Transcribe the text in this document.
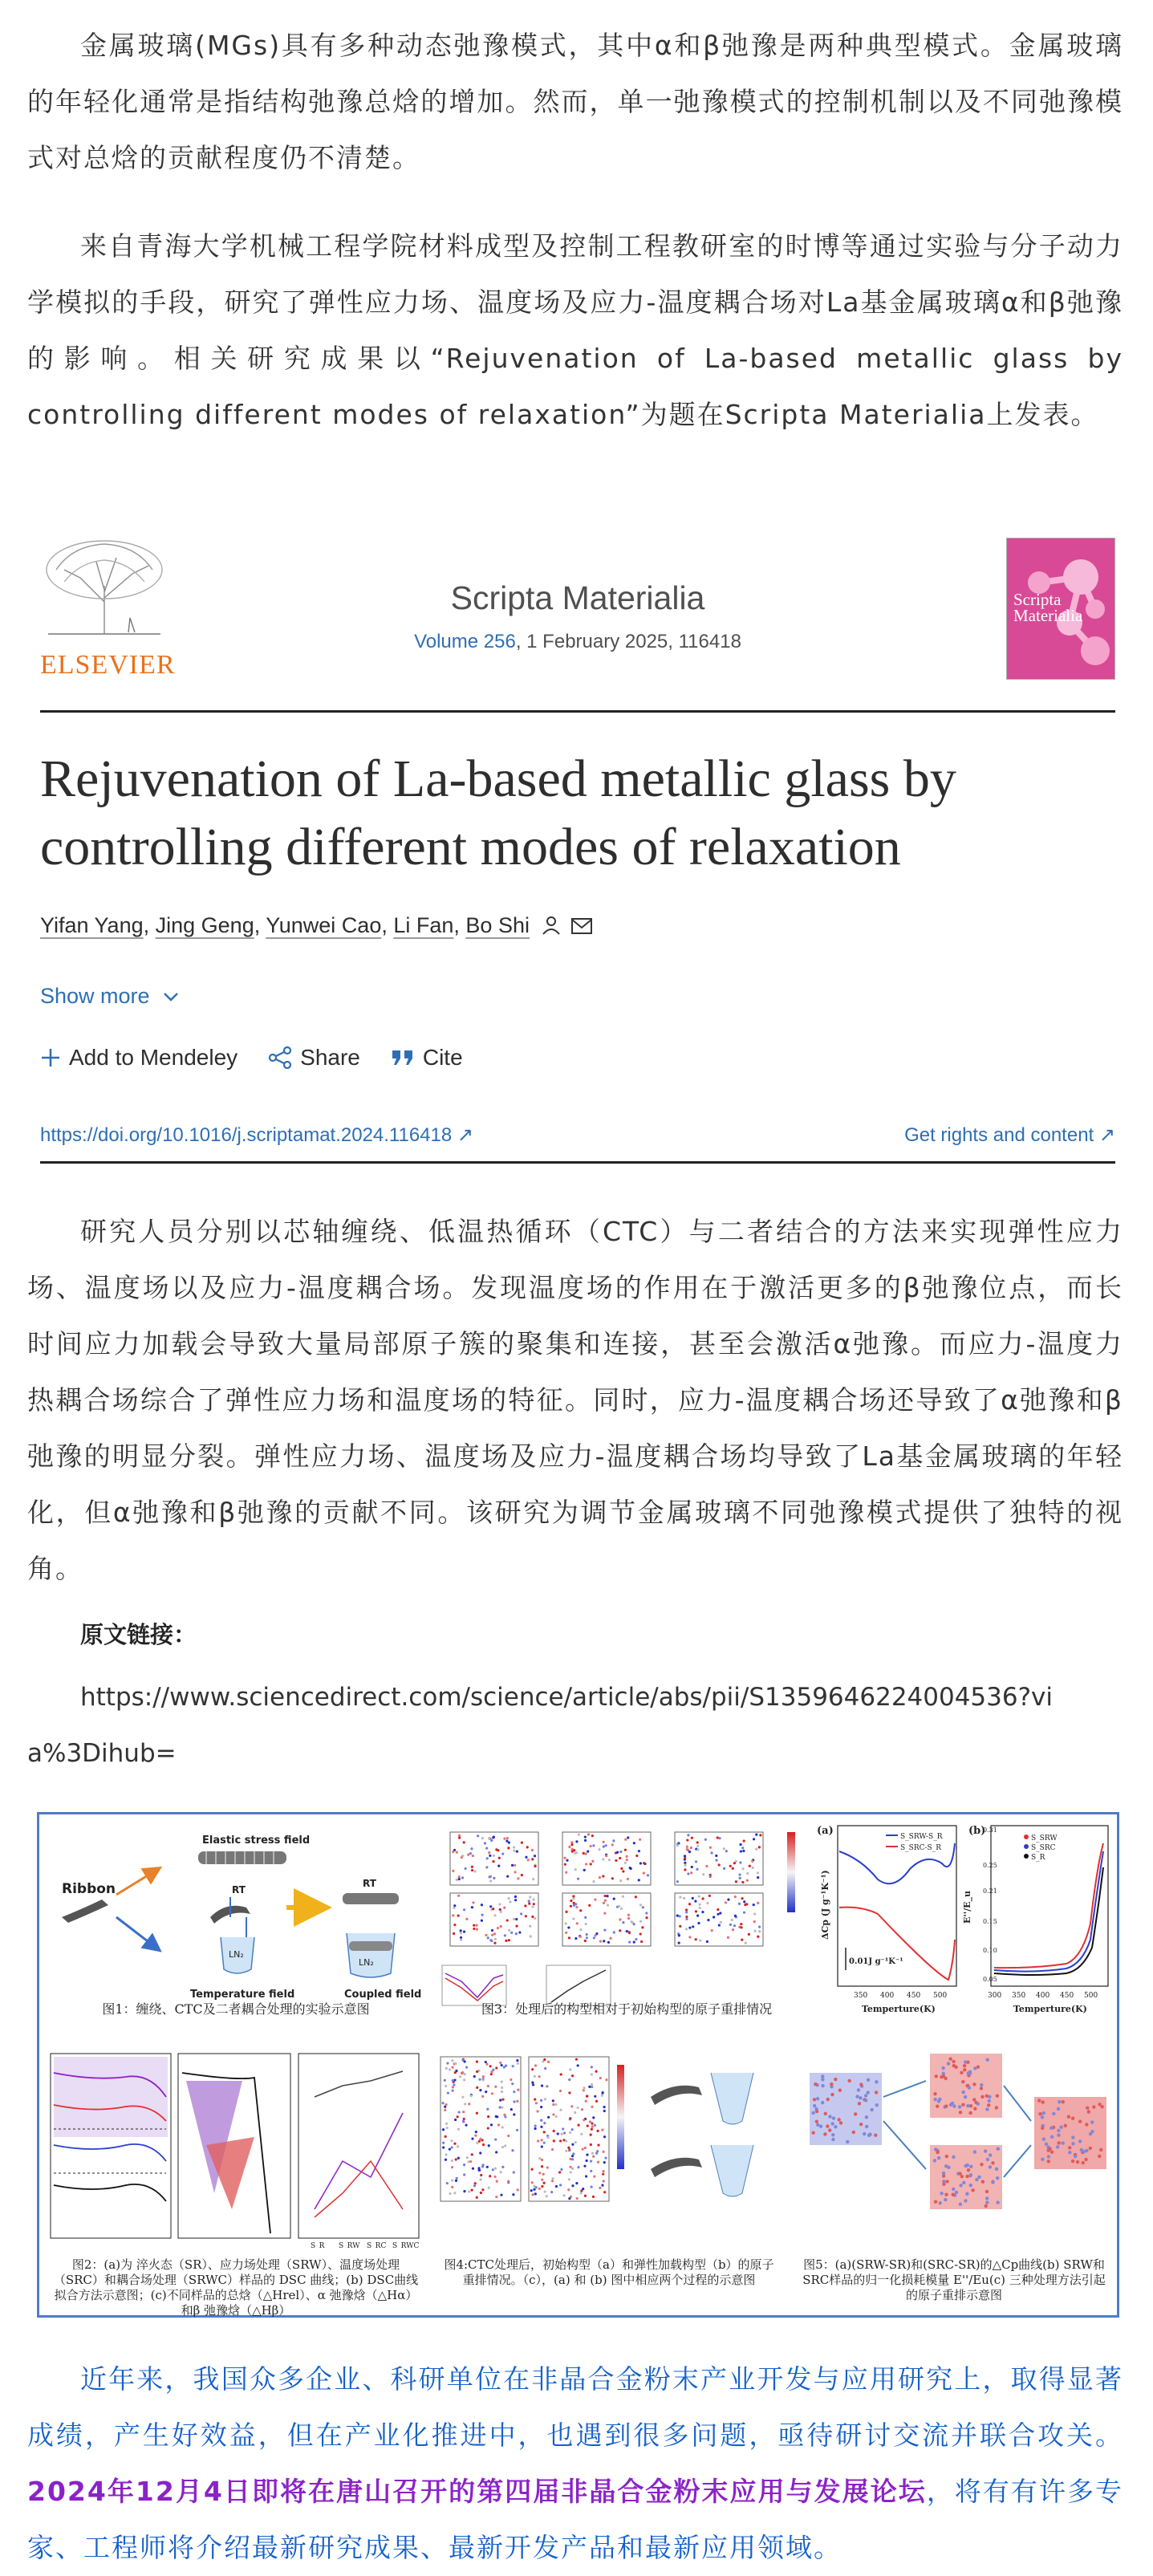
金属玻璃(MGs)具有多种动态弛豫模式，其中α和β弛豫是两种典型模式。金属玻璃的年轻化通常是指结构弛豫总焓的增加。然而，单一弛豫模式的控制机制以及不同弛豫模式对总焓的贡献程度仍不清楚。

来自青海大学机械工程学院材料成型及控制工程教研室的时博等通过实验与分子动力学模拟的手段，研究了弹性应力场、温度场及应力-温度耦合场对La基金属玻璃α和β弛豫的影响。相关研究成果以“Rejuvenation of La-based metallic glass by controlling different modes of relaxation”为题在Scripta Materialia上发表。

ELSEVIER
Scripta Materialia
Volume 256, 1 February 2025, 116418
Scripta Materialia
Rejuvenation of La-based metallic glass by controlling different modes of relaxation
Yifan Yang, Jing Geng, Yunwei Cao, Li Fan, Bo Shi
Show more
Add to Mendeley	Share	Cite
https://doi.org/10.1016/j.scriptamat.2024.116418 ↗	Get rights and content ↗

研究人员分别以芯轴缠绕、低温热循环（CTC）与二者结合的方法来实现弹性应力场、温度场以及应力-温度耦合场。发现温度场的作用在于激活更多的β弛豫位点，而长时间应力加载会导致大量局部原子簇的聚集和连接，甚至会激活α弛豫。而应力-温度力热耦合场综合了弹性应力场和温度场的特征。同时，应力-温度耦合场还导致了α弛豫和β弛豫的明显分裂。弹性应力场、温度场及应力-温度耦合场均导致了La基金属玻璃的年轻化，但α弛豫和β弛豫的贡献不同。该研究为调节金属玻璃不同弛豫模式提供了独特的视角。

原文链接：

https://www.sciencedirect.com/science/article/abs/pii/S1359646224004536?via%3Dihub=

Ribbon
Elastic stress field
RT
LN₂
Temperature field
RT
LN₂
Coupled field
图1：缠绕、CTC及二者耦合处理的实验示意图	图3：处理后的构型相对于初始构型的原子重排情况
(a)	S_SRW-S_R
S_SRC-S_R
0.01J g⁻¹K⁻¹
ΔCp (J g⁻¹K⁻¹)
350 400 450 500
Temperture(K)
(b)
S_SRW
S_SRC
S_R
0.31
0.25
0.21
0.15
0.10
0.05
E''/E_u
300 350 400 450 500
Temperture(K)
S_R S_RW S_RC S_RWC
图2：(a)为 淬火态（SR）、应力场处理（SRW）、温度场处理（SRC）和耦合场处理（SRWC）样品的 DSC 曲线；(b) DSC曲线拟合方法示意图；(c)不同样品的总焓（△Hrel）、α 弛豫焓（△Hα）和β 弛豫焓（△Hβ）
图4:CTC处理后，初始构型（a）和弹性加载构型（b）的原子重排情况。（c），(a) 和 (b) 图中相应两个过程的示意图
图5：(a)(SRW-SR)和(SRC-SR)的△Cp曲线(b) SRW和SRC样品的归一化损耗模量 E''/Eu(c) 三种处理方法引起的原子重排示意图

近年来，我国众多企业、科研单位在非晶合金粉末产业开发与应用研究上，取得显著成绩，产生好效益，但在产业化推进中，也遇到很多问题，亟待研讨交流并联合攻关。2024年12月4日即将在唐山召开的第四届非晶合金粉末应用与发展论坛，将有有许多专家、工程师将介绍最新研究成果、最新开发产品和最新应用领域。
